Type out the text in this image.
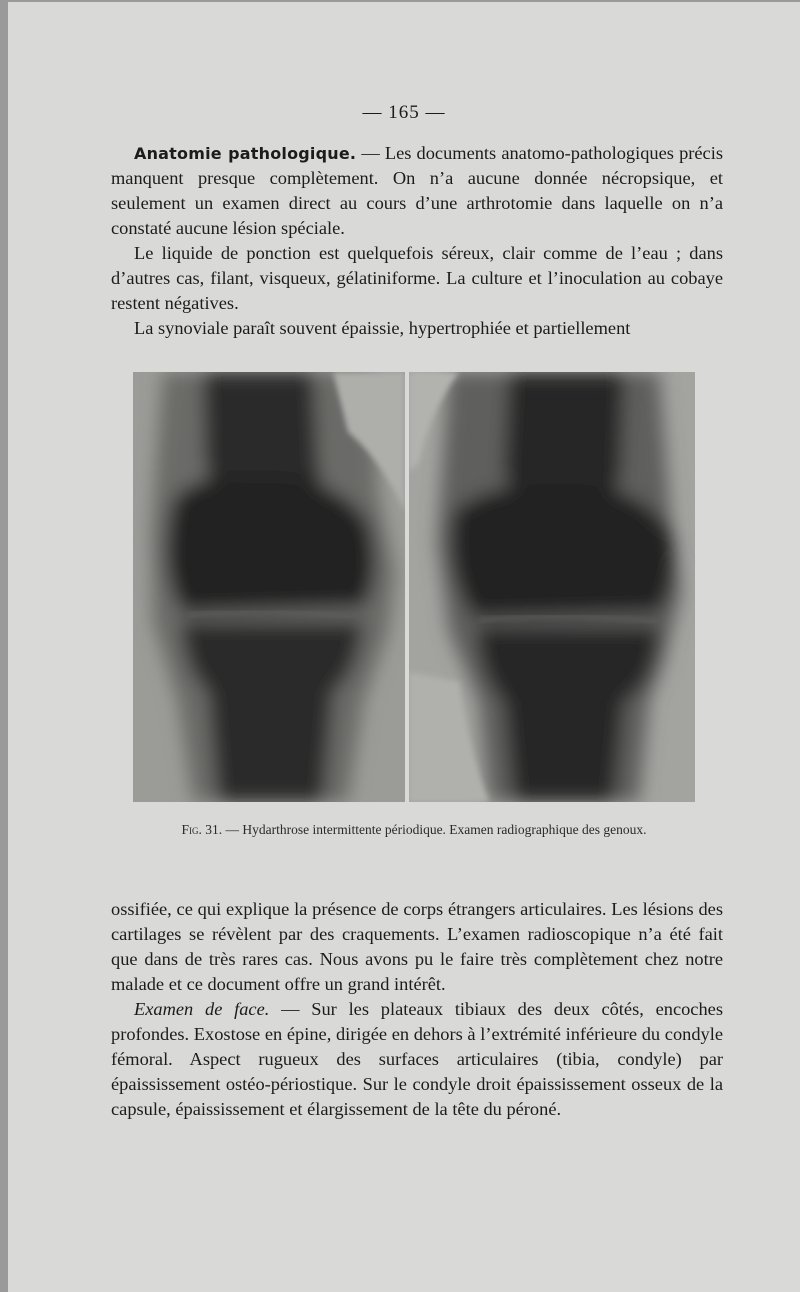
— 165 —

Anatomie pathologique. — Les documents anatomo-pathologiques précis manquent presque complètement. On n’a aucune donnée nécropsique, et seulement un examen direct au cours d’une arthrotomie dans laquelle on n’a constaté aucune lésion spéciale.

Le liquide de ponction est quelquefois séreux, clair comme de l’eau ; dans d’autres cas, filant, visqueux, gélatiniforme. La culture et l’inoculation au cobaye restent négatives.

La synoviale paraît souvent épaissie, hypertrophiée et partiellement

Fig. 31. — Hydarthrose intermittente périodique. Examen radiographique des genoux.

ossifiée, ce qui explique la présence de corps étrangers articulaires. Les lésions des cartilages se révèlent par des craquements. L’examen radioscopique n’a été fait que dans de très rares cas. Nous avons pu le faire très complètement chez notre malade et ce document offre un grand intérêt.

Examen de face. — Sur les plateaux tibiaux des deux côtés, encoches profondes. Exostose en épine, dirigée en dehors à l’extrémité inférieure du condyle fémoral. Aspect rugueux des surfaces articulaires (tibia, condyle) par épaississement ostéo-périostique. Sur le condyle droit épaississement osseux de la capsule, épaississement et élargissement de la tête du péroné.
